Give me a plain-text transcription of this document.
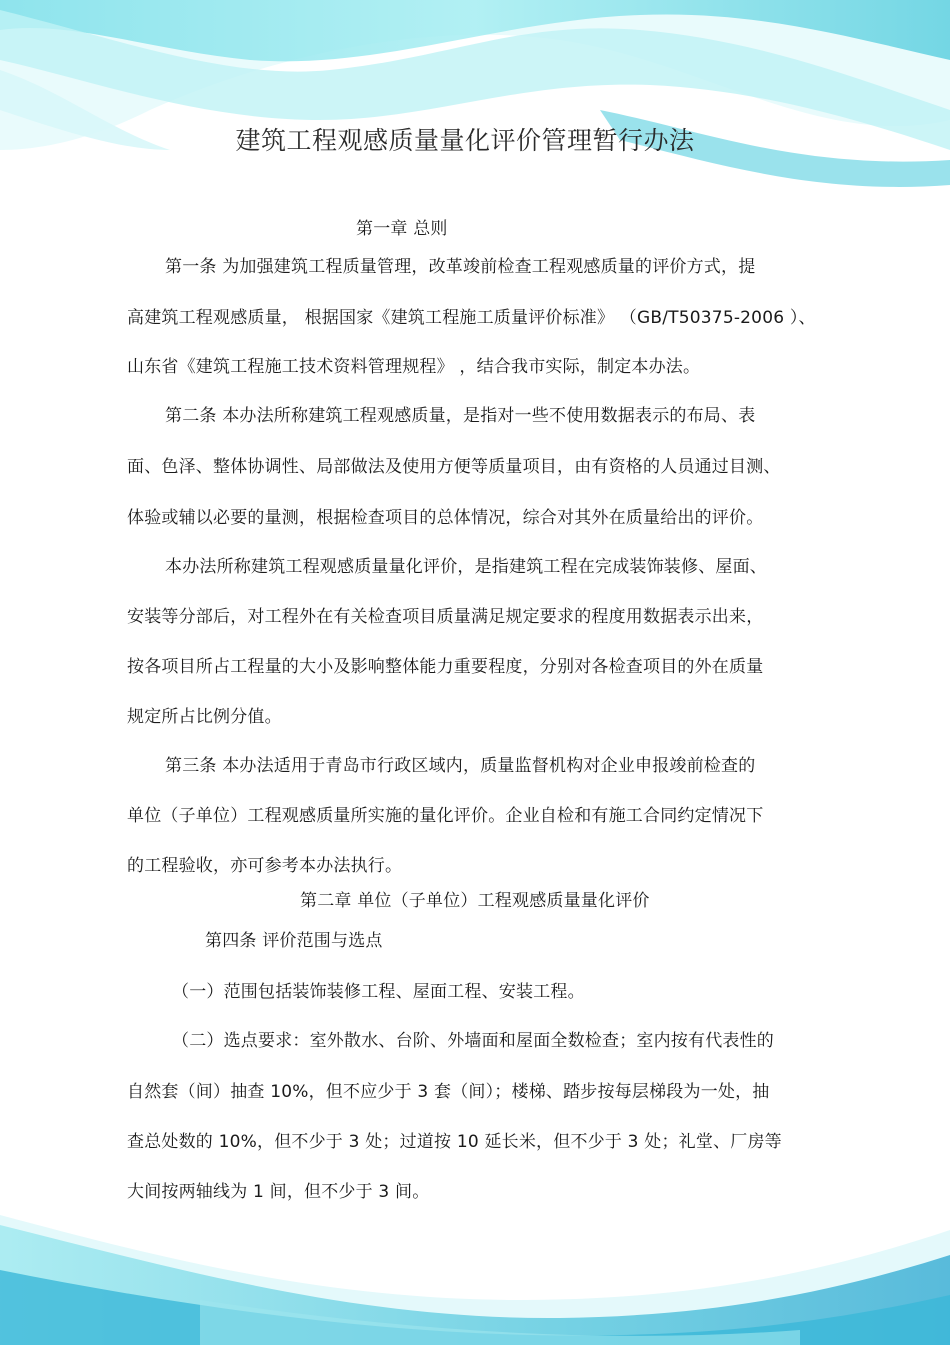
建筑工程观感质量量化评价管理暂行办法
第一章 总则
第一条 为加强建筑工程质量管理，改革竣前检查工程观感质量的评价方式，提
高建筑工程观感质量， 根据国家《建筑工程施工质量评价标准》 （GB/T50375-2006 ）、
山东省《建筑工程施工技术资料管理规程》 ，结合我市实际，制定本办法。
第二条 本办法所称建筑工程观感质量，是指对一些不使用数据表示的布局、表
面、色泽、整体协调性、局部做法及使用方便等质量项目，由有资格的人员通过目测、
体验或辅以必要的量测，根据检查项目的总体情况，综合对其外在质量给出的评价。
本办法所称建筑工程观感质量量化评价，是指建筑工程在完成装饰装修、屋面、
安装等分部后，对工程外在有关检查项目质量满足规定要求的程度用数据表示出来，
按各项目所占工程量的大小及影响整体能力重要程度，分别对各检查项目的外在质量
规定所占比例分值。
第三条 本办法适用于青岛市行政区域内，质量监督机构对企业申报竣前检查的
单位（子单位）工程观感质量所实施的量化评价。企业自检和有施工合同约定情况下
的工程验收，亦可参考本办法执行。
第二章 单位（子单位）工程观感质量量化评价
第四条 评价范围与选点
（一）范围包括装饰装修工程、屋面工程、安装工程。
（二）选点要求：室外散水、台阶、外墙面和屋面全数检查；室内按有代表性的
自然套（间）抽查 10%，但不应少于 3 套（间）；楼梯、踏步按每层梯段为一处，抽
查总处数的 10%，但不少于 3 处；过道按 10 延长米，但不少于 3 处；礼堂、厂房等
大间按两轴线为 1 间，但不少于 3 间。
